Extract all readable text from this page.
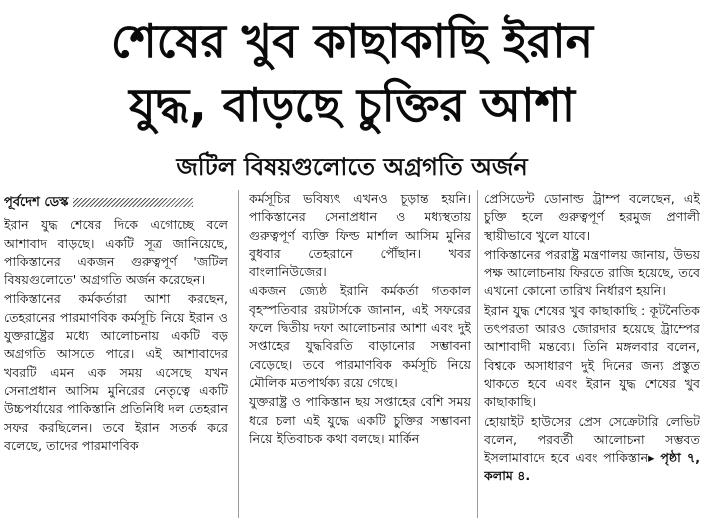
শেষের খুব কাছাকাছি ইরান
যুদ্ধ, বাড়ছে চুক্তির আশা
জটিল বিষয়গুলোতে অগ্রগতি অর্জন
পূর্বদেশ ডেস্ক

ইরান যুদ্ধ শেষের দিকে এগোচ্ছে বলে আশাবাদ বাড়ছে। একটি সূত্র জানিয়েছে, পাকিস্তানের একজন গুরুত্বপূর্ণ 'জটিল বিষয়গুলোতে' অগ্রগতি অর্জন করেছেন।

পাকিস্তানের কর্মকর্তারা আশা করছেন, তেহরানের পারমাণবিক কর্মসূচি নিয়ে ইরান ও যুক্তরাষ্ট্রের মধ্যে আলোচনায় একটি বড় অগ্রগতি আসতে পারে। এই আশাবাদের খবরটি এমন এক সময় এসেছে যখন সেনাপ্রধান আসিম মুনিরের নেতৃত্বে একটি উচ্চপর্যায়ের পাকিস্তানি প্রতিনিধি দল তেহরান সফর করছিলেন। তবে ইরান সতর্ক করে বলেছে, তাদের পারমাণবিক

কর্মসূচির ভবিষ্যৎ এখনও চূড়ান্ত হয়নি। পাকিস্তানের সেনাপ্রধান ও মধ্যস্থতায় গুরুত্বপূর্ণ ব্যক্তি ফিল্ড মার্শাল আসিম মুনির বুধবার তেহরানে পৌঁছান। খবর বাংলানিউজের।

একজন জ্যেষ্ঠ ইরানি কর্মকর্তা গতকাল বৃহস্পতিবার রয়টার্সকে জানান, এই সফরের ফলে দ্বিতীয় দফা আলোচনার আশা এবং দুই সপ্তাহের যুদ্ধবিরতি বাড়ানোর সম্ভাবনা বেড়েছে। তবে পারমাণবিক কর্মসূচি নিয়ে মৌলিক মতপার্থক্য রয়ে গেছে।

যুক্তরাষ্ট্র ও পাকিস্তান ছয় সপ্তাহের বেশি সময় ধরে চলা এই যুদ্ধে একটি চুক্তির সম্ভাবনা নিয়ে ইতিবাচক কথা বলছে। মার্কিন

প্রেসিডেন্ট ডোনাল্ড ট্রাম্প বলেছেন, এই চুক্তি হলে গুরুত্বপূর্ণ হরমুজ প্রণালী স্থায়ীভাবে খুলে যাবে।

পাকিস্তানের পররাষ্ট্র মন্ত্রণালয় জানায়, উভয় পক্ষ আলোচনায় ফিরতে রাজি হয়েছে, তবে এখনো কোনো তারিখ নির্ধারণ হয়নি।

ইরান যুদ্ধ শেষের খুব কাছাকাছি : কূটনৈতিক তৎপরতা আরও জোরদার হয়েছে ট্রাম্পের আশাবাদী মন্তব্যে। তিনি মঙ্গলবার বলেন, বিশ্বকে অসাধারণ দুই দিনের জন্য প্রস্তুত থাকতে হবে এবং ইরান যুদ্ধ শেষের খুব কাছাকাছি।

হোয়াইট হাউসের প্রেস সেক্রেটারি লেভিট বলেন, পরবর্তী আলোচনা সম্ভবত ইসলামাবাদে হবে এবং পাকিস্তান▸ পৃষ্ঠা ৭, কলাম ৪.
